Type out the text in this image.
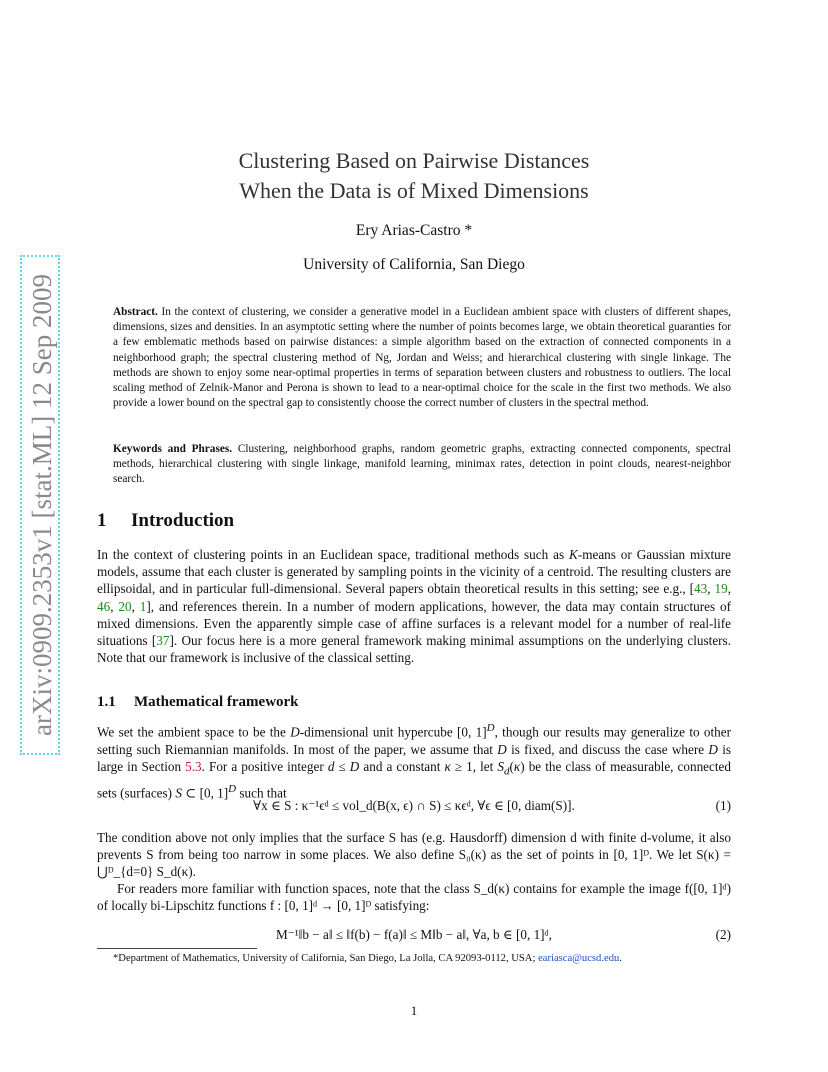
arXiv:0909.2353v1 [stat.ML] 12 Sep 2009
Clustering Based on Pairwise Distances
When the Data is of Mixed Dimensions
Ery Arias-Castro *
University of California, San Diego
Abstract. In the context of clustering, we consider a generative model in a Euclidean ambient space with clusters of different shapes, dimensions, sizes and densities. In an asymptotic setting where the number of points becomes large, we obtain theoretical guaranties for a few emblematic methods based on pairwise distances: a simple algorithm based on the extraction of connected components in a neighborhood graph; the spectral clustering method of Ng, Jordan and Weiss; and hierarchical clustering with single linkage. The methods are shown to enjoy some near-optimal properties in terms of separation between clusters and robustness to outliers. The local scaling method of Zelnik-Manor and Perona is shown to lead to a near-optimal choice for the scale in the first two methods. We also provide a lower bound on the spectral gap to consistently choose the correct number of clusters in the spectral method.
Keywords and Phrases. Clustering, neighborhood graphs, random geometric graphs, extracting connected components, spectral methods, hierarchical clustering with single linkage, manifold learning, minimax rates, detection in point clouds, nearest-neighbor search.
1 Introduction
In the context of clustering points in an Euclidean space, traditional methods such as K-means or Gaussian mixture models, assume that each cluster is generated by sampling points in the vicinity of a centroid. The resulting clusters are ellipsoidal, and in particular full-dimensional. Several papers obtain theoretical results in this setting; see e.g., [43, 19, 46, 20, 1], and references therein. In a number of modern applications, however, the data may contain structures of mixed dimensions. Even the apparently simple case of affine surfaces is a relevant model for a number of real-life situations [37]. Our focus here is a more general framework making minimal assumptions on the underlying clusters. Note that our framework is inclusive of the classical setting.
1.1 Mathematical framework
We set the ambient space to be the D-dimensional unit hypercube [0, 1]$^D$, though our results may generalize to other setting such Riemannian manifolds. In most of the paper, we assume that D is fixed, and discuss the case where D is large in Section 5.3. For a positive integer d ≤ D and a constant κ ≥ 1, let $S_d(\kappa)$ be the class of measurable, connected sets (surfaces) S ⊂ [0, 1]$^D$ such that
∀x ∈ S : κ⁻¹ϵᵈ ≤ vol_d(B(x, ϵ) ∩ S) ≤ κϵᵈ, ∀ϵ ∈ [0, diam(S)].	(1)
The condition above not only implies that the surface S has (e.g. Hausdorff) dimension d with finite d-volume, it also prevents S from being too narrow in some places. We also define S₀(κ) as the set of points in [0, 1]ᴰ. We let S(κ) = ⋃ᴰ_{d=0} S_d(κ).
For readers more familiar with function spaces, note that the class S_d(κ) contains for example the image f([0, 1]ᵈ) of locally bi-Lipschitz functions f : [0, 1]ᵈ → [0, 1]ᴰ satisfying:
M⁻¹‖b − a‖ ≤ ‖f(b) − f(a)‖ ≤ M‖b − a‖, ∀a, b ∈ [0, 1]ᵈ,	(2)
*Department of Mathematics, University of California, San Diego, La Jolla, CA 92093-0112, USA; eariasca@ucsd.edu.
1
